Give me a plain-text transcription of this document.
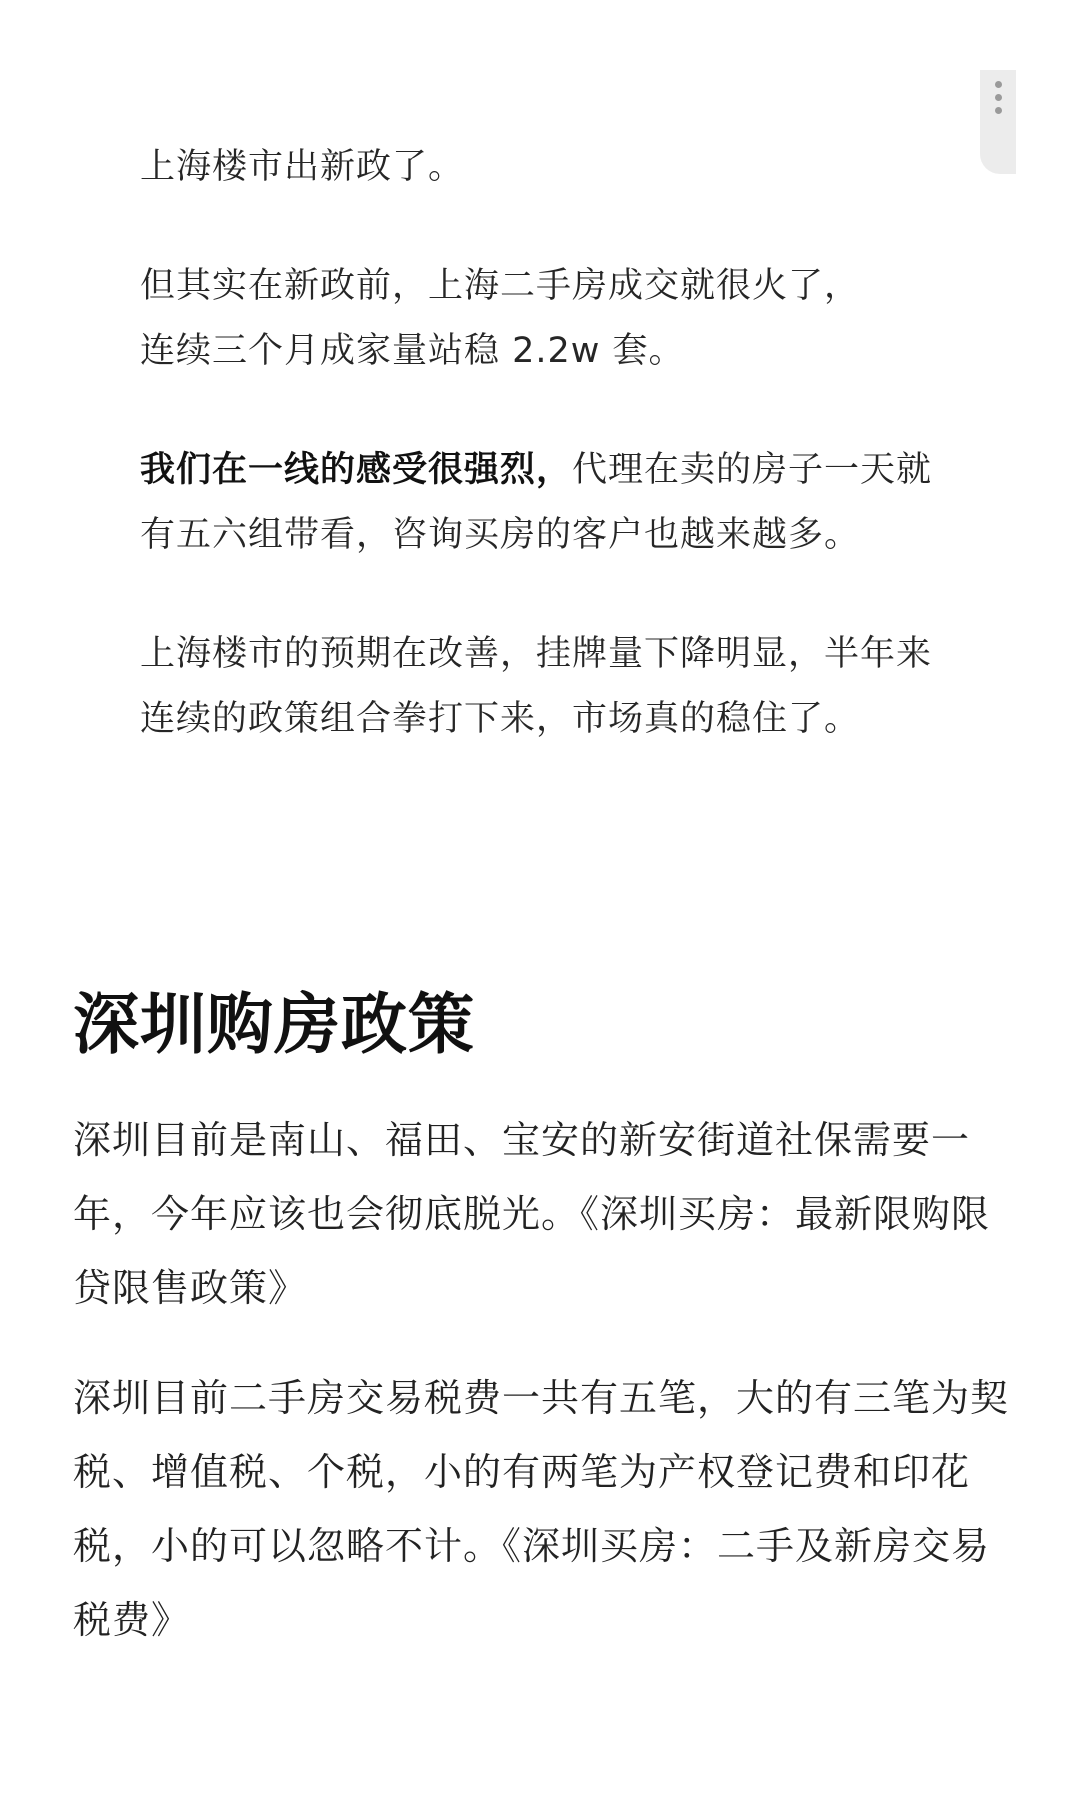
上海楼市出新政了。

但其实在新政前，上海二手房成交就很火了，
连续三个月成家量站稳 2.2w 套。

我们在一线的感受很强烈，代理在卖的房子一天就有五六组带看，咨询买房的客户也越来越多。

上海楼市的预期在改善，挂牌量下降明显，半年来连续的政策组合拳打下来，市场真的稳住了。

深圳购房政策

深圳目前是南山、福田、宝安的新安街道社保需要一年，今年应该也会彻底脱光。《深圳买房：最新限购限贷限售政策》

深圳目前二手房交易税费一共有五笔，大的有三笔为契税、增值税、个税，小的有两笔为产权登记费和印花税，小的可以忽略不计。《深圳买房：二手及新房交易税费》
